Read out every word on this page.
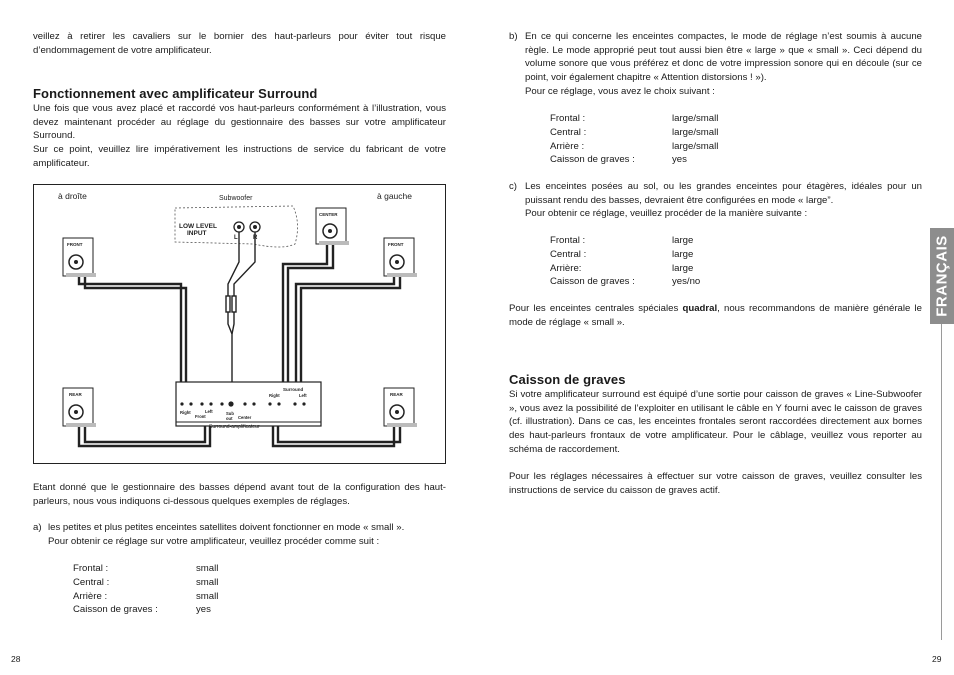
veillez à retirer les cavaliers sur le bornier des haut-parleurs pour éviter tout risque d’endommagement de votre amplificateur.

Fonctionnement avec amplificateur Surround

Une fois que vous avez placé et raccordé vos haut-parleurs conformément à l’illustration, vous devez maintenant procéder au réglage du gestionnaire des basses sur votre amplificateur Surround.

Sur ce point, veuillez lire impérativement les instructions de service du fabricant de votre amplificateur.

à droîte	à gauche
Subwoofer
LOW LEVEL
INPUT
L	R
CENTER
FRONT	FRONT
REAR	REAR
Surround
Right	Left
Right
Front
Left	Sub
out Center
Surround-amplificateur

Etant donné que le gestionnaire des basses dépend avant tout de la configuration des haut-parleurs, nous vous indiquons ci-dessous quelques exemples de réglages.

a) les petites et plus petites enceintes satellites doivent fonctionner en mode « small ».

Pour obtenir ce réglage sur votre amplificateur, veuillez procéder comme suit :

Frontal :	small
Central :	small
Arrière :	small
Caisson de graves :	yes
28

b) En ce qui concerne les enceintes compactes, le mode de réglage n’est soumis à aucune règle. Le mode approprié peut tout aussi bien être « large » que « small ». Ceci dépend du volume sonore que vous préférez et donc de votre impression sonore qui en découle (sur ce point, voir également chapitre « Attention distorsions ! »).

Pour ce réglage, vous avez le choix suivant :

Frontal :	large/small
Central :	large/small
Arrière :	large/small
Caisson de graves :	yes

c) Les enceintes posées au sol, ou les grandes enceintes pour étagères, idéales pour un puissant rendu des basses, devraient être configurées en mode « large”.

Pour obtenir ce réglage, veuillez procéder de la manière suivante :

Frontal :	large
Central :	large
Arrière:	large
Caisson de graves :	yes/no

Pour les enceintes centrales spéciales quadral, nous recommandons de manière générale le mode de réglage « small ».

Caisson de graves

Si votre amplificateur surround est équipé d’une sortie pour caisson de graves « Line-Subwoofer », vous avez la possibilité de l’exploiter en utilisant le câble en Y fourni avec le caisson de graves (cf. illustration). Dans ce cas, les enceintes frontales seront raccordées directement aux bornes des haut-parleurs frontaux de votre amplificateur. Pour le câblage, veuillez vous reporter au schéma de raccordement.

Pour les réglages nécessaires à effectuer sur votre caisson de graves, veuillez consulter les instructions de service du caisson de graves actif.

FRANÇAIS
29
